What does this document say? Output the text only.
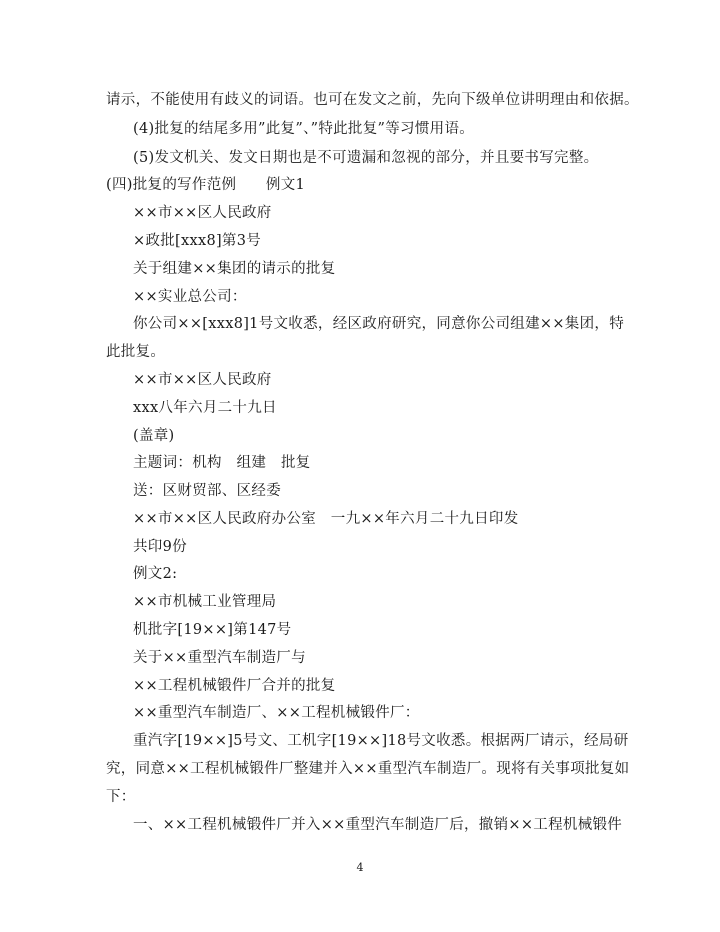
请示，不能使用有歧义的词语。也可在发文之前，先向下级单位讲明理由和依据。
(4)批复的结尾多用”此复”、”特此批复”等习惯用语。
(5)发文机关、发文日期也是不可遗漏和忽视的部分，并且要书写完整。
(四)批复的写作范例　　例文1
××市××区人民政府
×政批[xxx8]第3号
关于组建××集团的请示的批复
××实业总公司：
你公司××[xxx8]1号文收悉，经区政府研究，同意你公司组建××集团，特
此批复。
××市××区人民政府
xxx八年六月二十九日
(盖章)
主题词：机构　组建　批复
送：区财贸部、区经委
××市××区人民政府办公室　一九××年六月二十九日印发
共印9份
例文2:
××市机械工业管理局
机批字[19××]第147号
关于××重型汽车制造厂与
××工程机械锻件厂合并的批复
××重型汽车制造厂、××工程机械锻件厂：
重汽字[19××]5号文、工机字[19××]18号文收悉。根据两厂请示，经局研
究，同意××工程机械锻件厂整建并入××重型汽车制造厂。现将有关事项批复如
下：
一、××工程机械锻件厂并入××重型汽车制造厂后，撤销××工程机械锻件
4
